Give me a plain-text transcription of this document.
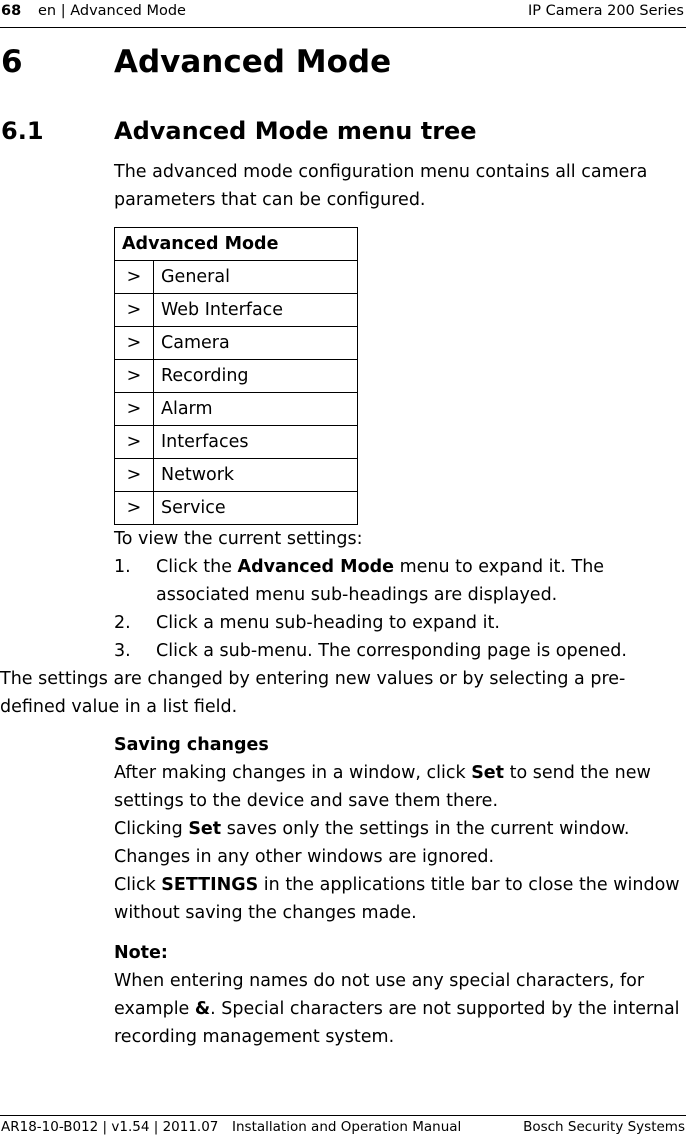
68 en | Advanced Mode	IP Camera 200 Series
6	Advanced Mode
6.1	Advanced Mode menu tree

The advanced mode configuration menu contains all camera parameters that can be configured.

Advanced Mode	
>	General
>	Web Interface
>	Camera
>	Recording
>	Alarm
>	Interfaces
>	Network
>	Service

To view the current settings:

1. Click the Advanced Mode menu to expand it. The associated menu sub-headings are displayed.
2. Click a menu sub-heading to expand it.
3. Click a sub-menu. The corresponding page is opened.

The settings are changed by entering new values or by selecting a pre-defined value in a list field.

Saving changes

After making changes in a window, click Set to send the new settings to the device and save them there.

Clicking Set saves only the settings in the current window. Changes in any other windows are ignored.

Click SETTINGS in the applications title bar to close the window without saving the changes made.

Note:

When entering names do not use any special characters, for example &. Special characters are not supported by the internal recording management system.

AR18-10-B012 | v1.54 | 2011.07 Installation and Operation Manual	Bosch Security Systems
